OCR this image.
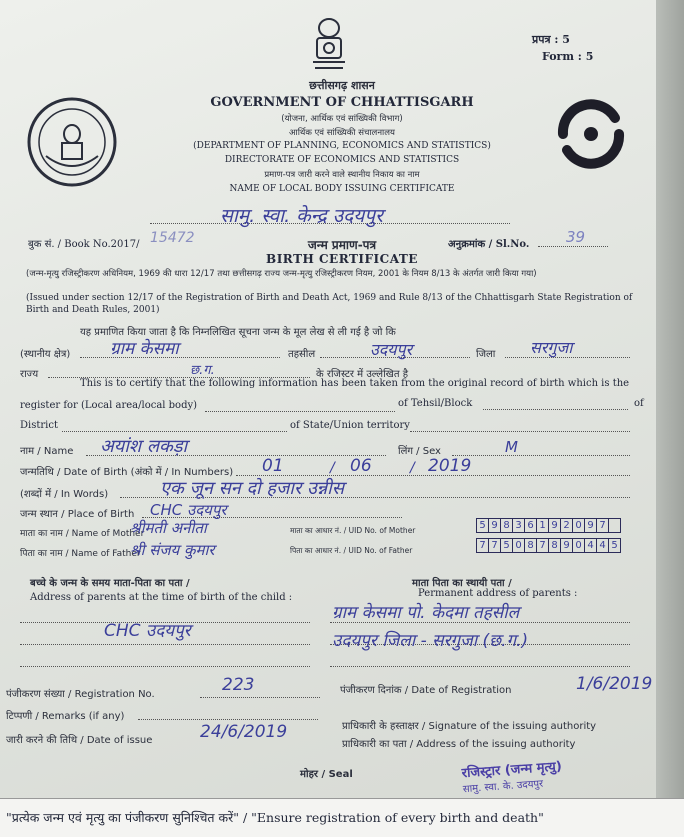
प्रपत्र : 5
Form : 5
छत्तीसगढ़ शासन
GOVERNMENT OF CHHATTISGARH
(योजना, आर्थिक एवं सांख्यिकी विभाग)
आर्थिक एवं सांख्यिकी संचालनालय
(DEPARTMENT OF PLANNING, ECONOMICS AND STATISTICS)
DIRECTORATE OF ECONOMICS AND STATISTICS
प्रमाण-पत्र जारी करने वाले स्थानीय निकाय का नाम
NAME OF LOCAL BODY ISSUING CERTIFICATE
सामु. स्वा. केन्द्र उदयपुर
बुक सं. / Book No.2017/ 15472	अनुक्रमांक / Sl.No. 39
जन्म प्रमाण-पत्र
BIRTH CERTIFICATE
(जन्म-मृत्यु रजिस्ट्रीकरण अधिनियम, 1969 की धारा 12/17 तथा छत्तीसगढ़ राज्य जन्म-मृत्यु रजिस्ट्रीकरण नियम, 2001 के नियम 8/13 के अंतर्गत जारी किया गया)
(Issued under section 12/17 of the Registration of Birth and Death Act, 1969 and Rule 8/13 of the Chhattisgarh State Registration of Birth and Death Rules, 2001)
यह प्रमाणित किया जाता है कि निम्नलिखित सूचना जन्म के मूल लेख से ली गई है जो कि
(स्थानीय क्षेत्र) ग्राम केसमा	तहसील	उदयपुर	जिला सरगुजा
राज्य	छ.ग.	के रजिस्टर में उल्लेखित है
This is to certify that the following information has been taken from the original record of birth which is the
register for (Local area/local body)	of Tehsil/Block	of
District	of State/Union territory
नाम / Name अयांश लकड़ा	लिंग / Sex	M
जन्मतिथि / Date of Birth (अंको में / In Numbers) 01	/ 06	/ 2019
(शब्दों में / In Words)	एक जून सन दो हजार उन्नीस
जन्म स्थान / Place of Birth CHC उदयपुर
माता का नाम / Name of Mother
श्रीमती अनीता	माता का आधार नं. / UID No. of Mother	5 9 8 3 6 1 9 2 0 9 7
पिता का नाम / Name of Father
श्री संजय कुमार	पिता का आधार नं. / UID No. of Father	7 7 5 0 8 7 8 9 0 4 4 5
बच्चे के जन्म के समय माता-पिता का पता /
Address of parents at the time of birth of the child :
माता पिता का स्थायी पता /
Permanent address of parents :
CHC उदयपुर
ग्राम केसमा पो. केदमा तहसील
उदयपुर जिला - सरगुजा (छ.ग.)
पंजीकरण संख्या / Registration No.	223	पंजीकरण दिनांक / Date of Registration	1/6/2019
टिप्पणी / Remarks (if any)
जारी करने की तिथि / Date of issue	24/6/2019	प्राधिकारी के हस्ताक्षर / Signature of the issuing authority
प्राधिकारी का पता / Address of the issuing authority
मोहर / Seal	रजिस्ट्रार (जन्म मृत्यु)
सामु. स्वा. के. उदयपुर
"प्रत्येक जन्म एवं मृत्यु का पंजीकरण सुनिश्चित करें" / "Ensure registration of every birth and death"
